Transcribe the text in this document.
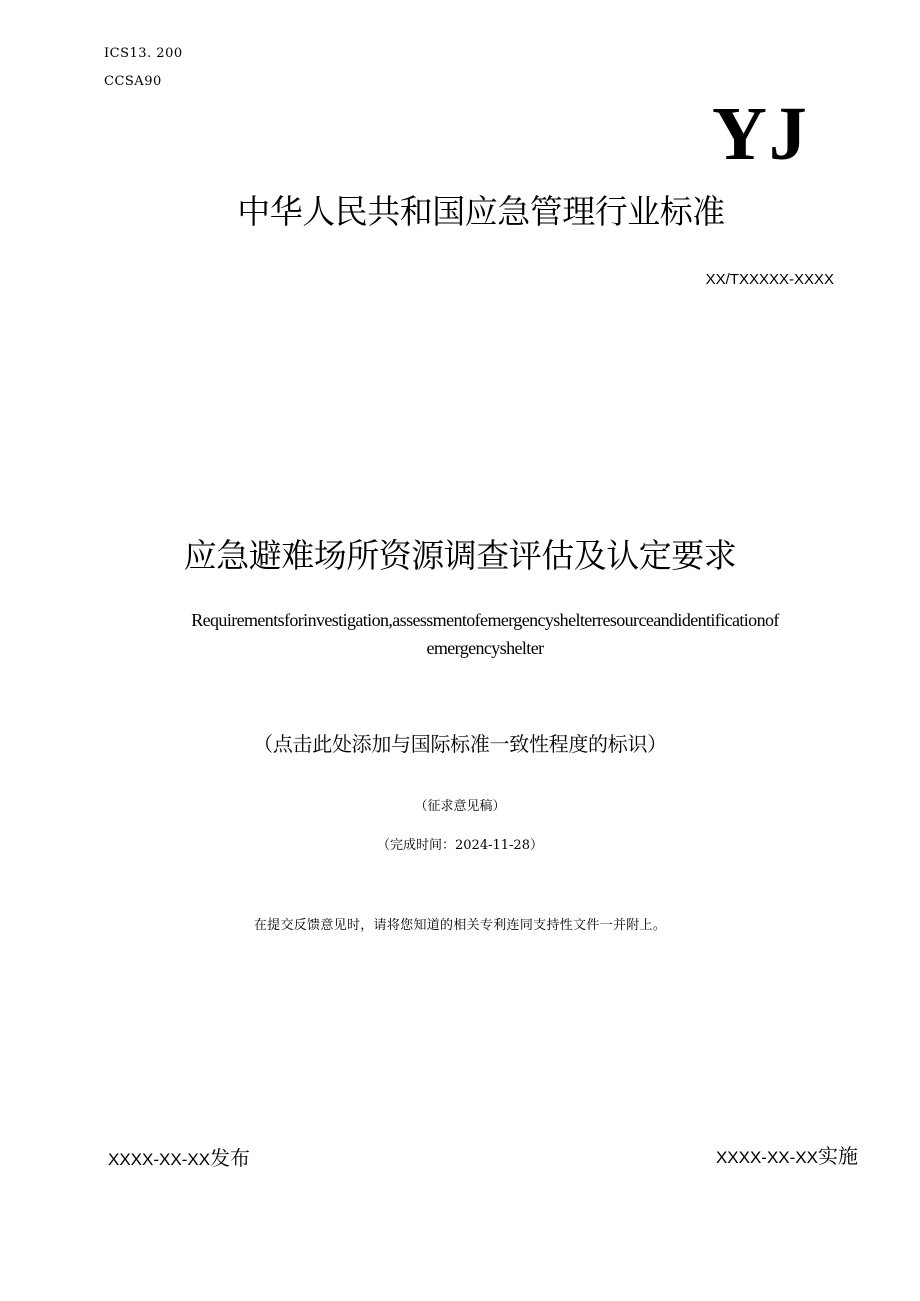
ICS13. 200
CCSA90
YJ
中华人民共和国应急管理行业标准
XX/TXXXXX-XXXX
应急避难场所资源调查评估及认定要求
Requirementsforinvestigation,assessmentofemergencyshelterresourceandidentificationof
emergencyshelter
（点击此处添加与国际标准一致性程度的标识）
（征求意见稿）
（完成时间：2024-11-28）
在提交反馈意见时，请将您知道的相关专利连同支持性文件一并附上。
XXXX-XX-XX发布	XXXX-XX-XX实施
